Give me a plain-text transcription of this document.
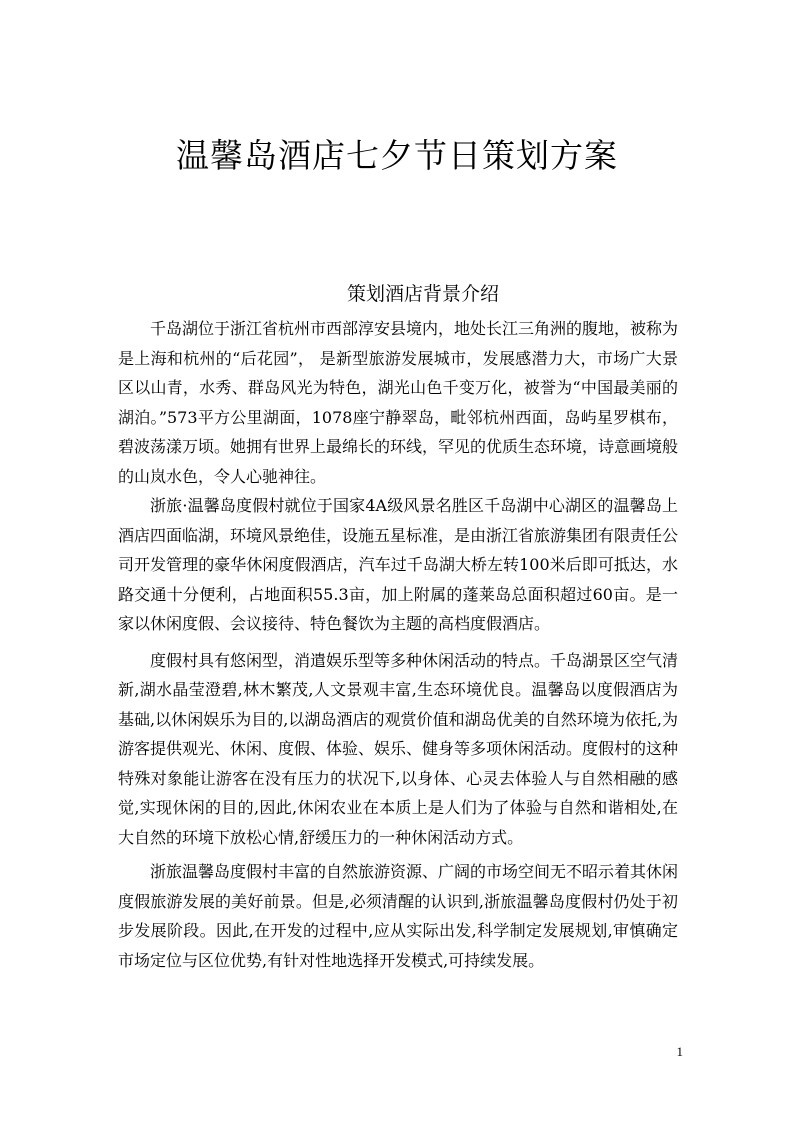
温馨岛酒店七夕节日策划方案
策划酒店背景介绍

千岛湖位于浙江省杭州市西部淳安县境内，地处长江三角洲的腹地，被称为是上海和杭州的“后花园”， 是新型旅游发展城市，发展感潜力大，市场广大景区以山青，水秀、群岛风光为特色，湖光山色千变万化，被誉为“中国最美丽的湖泊。”573平方公里湖面，1078座宁静翠岛，毗邻杭州西面，岛屿星罗棋布，碧波荡漾万顷。她拥有世界上最绵长的环线，罕见的优质生态环境，诗意画境般的山岚水色，令人心驰神往。

浙旅·温馨岛度假村就位于国家4A级风景名胜区千岛湖中心湖区的温馨岛上酒店四面临湖，环境风景绝佳，设施五星标准，是由浙江省旅游集团有限责任公司开发管理的豪华休闲度假酒店，汽车过千岛湖大桥左转100米后即可抵达，水路交通十分便利，占地面积55.3亩，加上附属的蓬莱岛总面积超过60亩。是一家以休闲度假、会议接待、特色餐饮为主题的高档度假酒店。

度假村具有悠闲型，消遣娱乐型等多种休闲活动的特点。千岛湖景区空气清新,湖水晶莹澄碧,林木繁茂,人文景观丰富,生态环境优良。温馨岛以度假酒店为基础,以休闲娱乐为目的,以湖岛酒店的观赏价值和湖岛优美的自然环境为依托,为游客提供观光、休闲、度假、体验、娱乐、健身等多项休闲活动。度假村的这种特殊对象能让游客在没有压力的状况下,以身体、心灵去体验人与自然相融的感觉,实现休闲的目的,因此,休闲农业在本质上是人们为了体验与自然和谐相处,在大自然的环境下放松心情,舒缓压力的一种休闲活动方式。

浙旅温馨岛度假村丰富的自然旅游资源、广阔的市场空间无不昭示着其休闲度假旅游发展的美好前景。但是,必须清醒的认识到,浙旅温馨岛度假村仍处于初步发展阶段。因此,在开发的过程中,应从实际出发,科学制定发展规划,审慎确定市场定位与区位优势,有针对性地选择开发模式,可持续发展。

1
